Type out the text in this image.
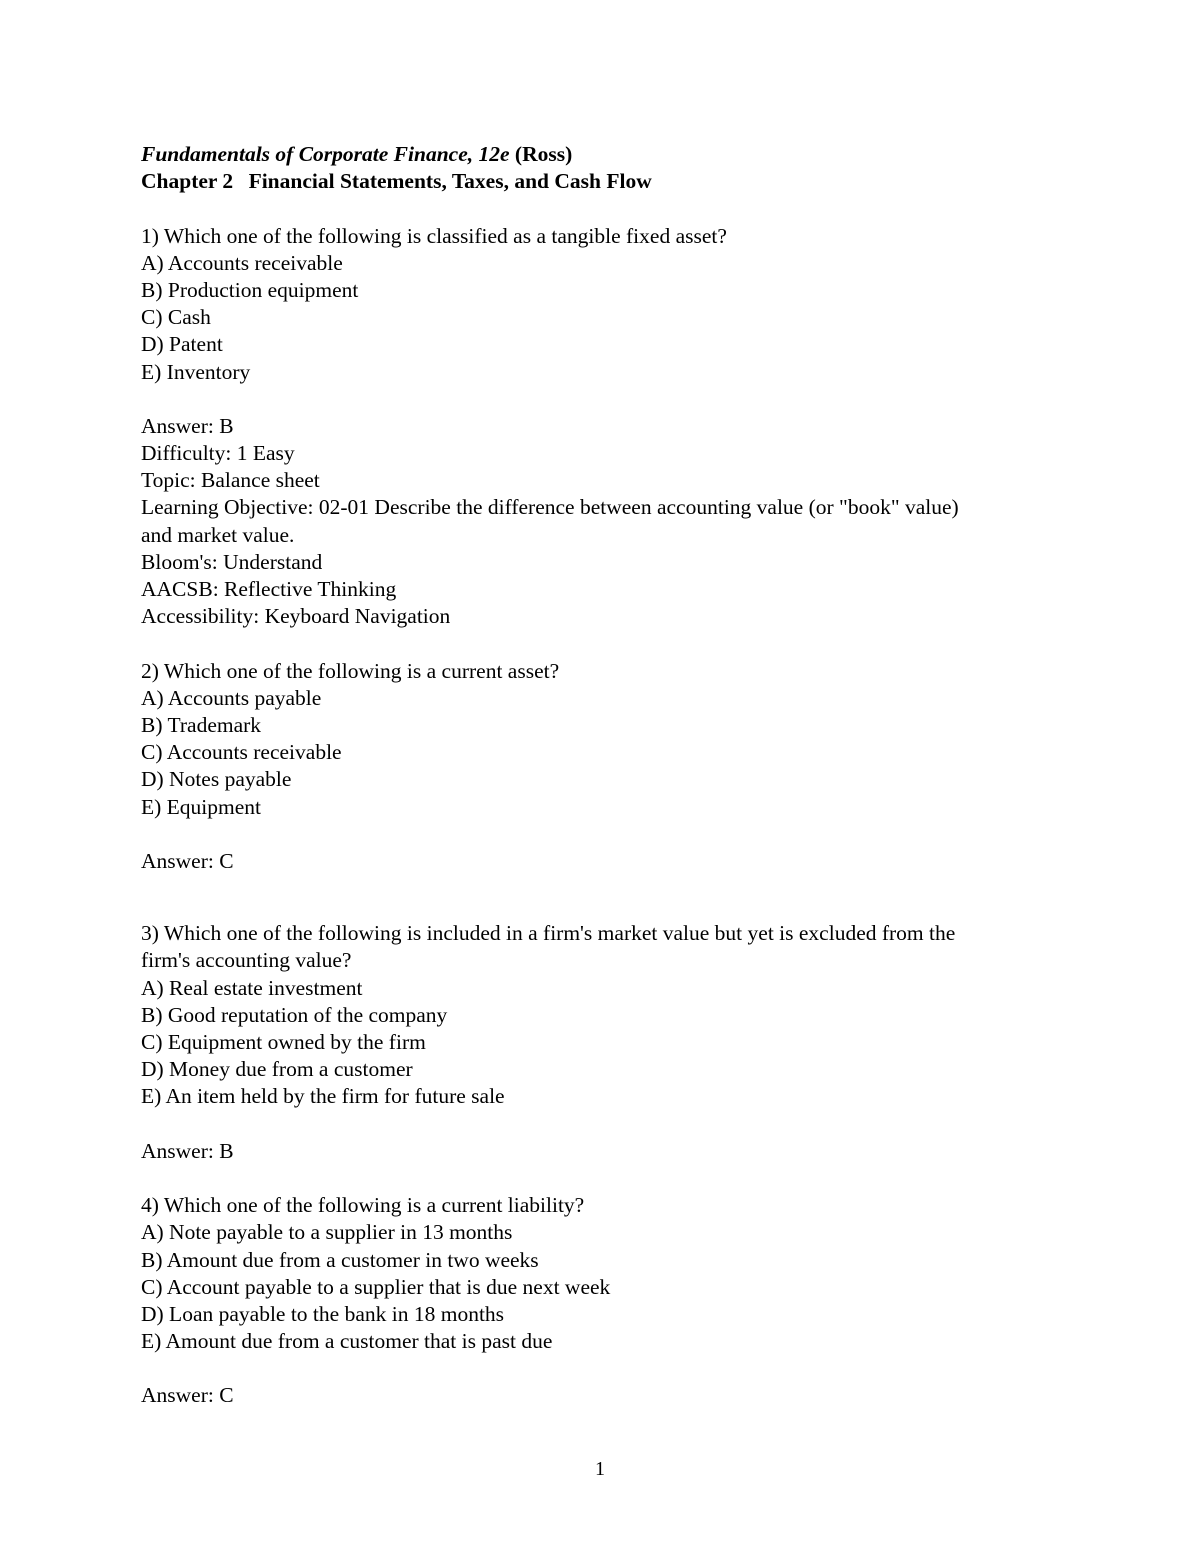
Fundamentals of Corporate Finance, 12e (Ross)
Chapter 2 Financial Statements, Taxes, and Cash Flow
1) Which one of the following is classified as a tangible fixed asset?
A) Accounts receivable
B) Production equipment
C) Cash
D) Patent
E) Inventory
Answer: B
Difficulty: 1 Easy
Topic: Balance sheet
Learning Objective: 02-01 Describe the difference between accounting value (or "book" value)
and market value.
Bloom's: Understand
AACSB: Reflective Thinking
Accessibility: Keyboard Navigation
2) Which one of the following is a current asset?
A) Accounts payable
B) Trademark
C) Accounts receivable
D) Notes payable
E) Equipment
Answer: C
3) Which one of the following is included in a firm's market value but yet is excluded from the
firm's accounting value?
A) Real estate investment
B) Good reputation of the company
C) Equipment owned by the firm
D) Money due from a customer
E) An item held by the firm for future sale
Answer: B
4) Which one of the following is a current liability?
A) Note payable to a supplier in 13 months
B) Amount due from a customer in two weeks
C) Account payable to a supplier that is due next week
D) Loan payable to the bank in 18 months
E) Amount due from a customer that is past due
Answer: C
1
